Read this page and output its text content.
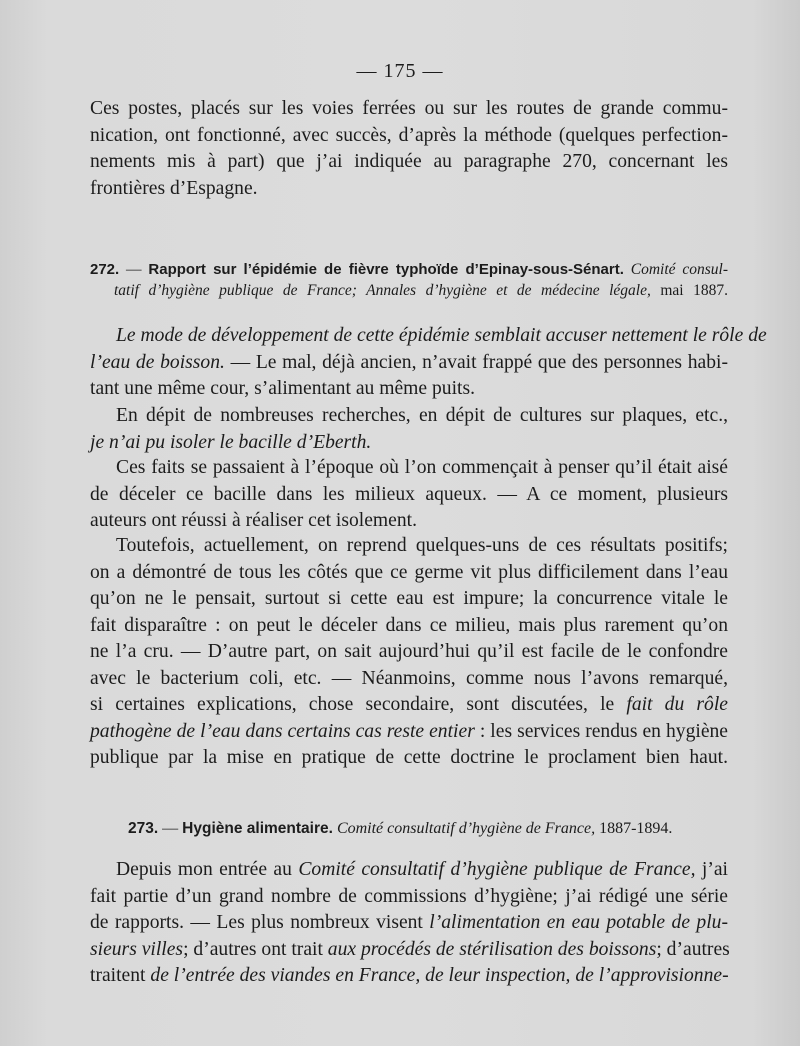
— 175 —

Ces postes, placés sur les voies ferrées ou sur les routes de grande commu-
nication, ont fonctionné, avec succès, d’après la méthode (quelques perfection-
nements mis à part) que j’ai indiquée au paragraphe 270, concernant les
frontières d’Espagne.

272. — Rapport sur l’épidémie de fièvre typhoïde d’Epinay-sous-Sénart. Comité consul-
tatif d’hygiène publique de France; Annales d’hygiène et de médecine légale, mai 1887.

Le mode de développement de cette épidémie semblait accuser nettement le rôle de
l’eau de boisson. — Le mal, déjà ancien, n’avait frappé que des personnes habi-
tant une même cour, s’alimentant au même puits.

En dépit de nombreuses recherches, en dépit de cultures sur plaques, etc.,
je n’ai pu isoler le bacille d’Eberth.

Ces faits se passaient à l’époque où l’on commençait à penser qu’il était aisé
de déceler ce bacille dans les milieux aqueux. — A ce moment, plusieurs
auteurs ont réussi à réaliser cet isolement.

Toutefois, actuellement, on reprend quelques-uns de ces résultats positifs;
on a démontré de tous les côtés que ce germe vit plus difficilement dans l’eau
qu’on ne le pensait, surtout si cette eau est impure; la concurrence vitale le
fait disparaître : on peut le déceler dans ce milieu, mais plus rarement qu’on
ne l’a cru. — D’autre part, on sait aujourd’hui qu’il est facile de le confondre
avec le bacterium coli, etc. — Néanmoins, comme nous l’avons remarqué,
si certaines explications, chose secondaire, sont discutées, le fait du rôle
pathogène de l’eau dans certains cas reste entier : les services rendus en hygiène
publique par la mise en pratique de cette doctrine le proclament bien haut.

273. — Hygiène alimentaire. Comité consultatif d’hygiène de France, 1887-1894.

Depuis mon entrée au Comité consultatif d’hygiène publique de France, j’ai
fait partie d’un grand nombre de commissions d’hygiène; j’ai rédigé une série
de rapports. — Les plus nombreux visent l’alimentation en eau potable de plu-
sieurs villes; d’autres ont trait aux procédés de stérilisation des boissons; d’autres
traitent de l’entrée des viandes en France, de leur inspection, de l’approvisionne-
